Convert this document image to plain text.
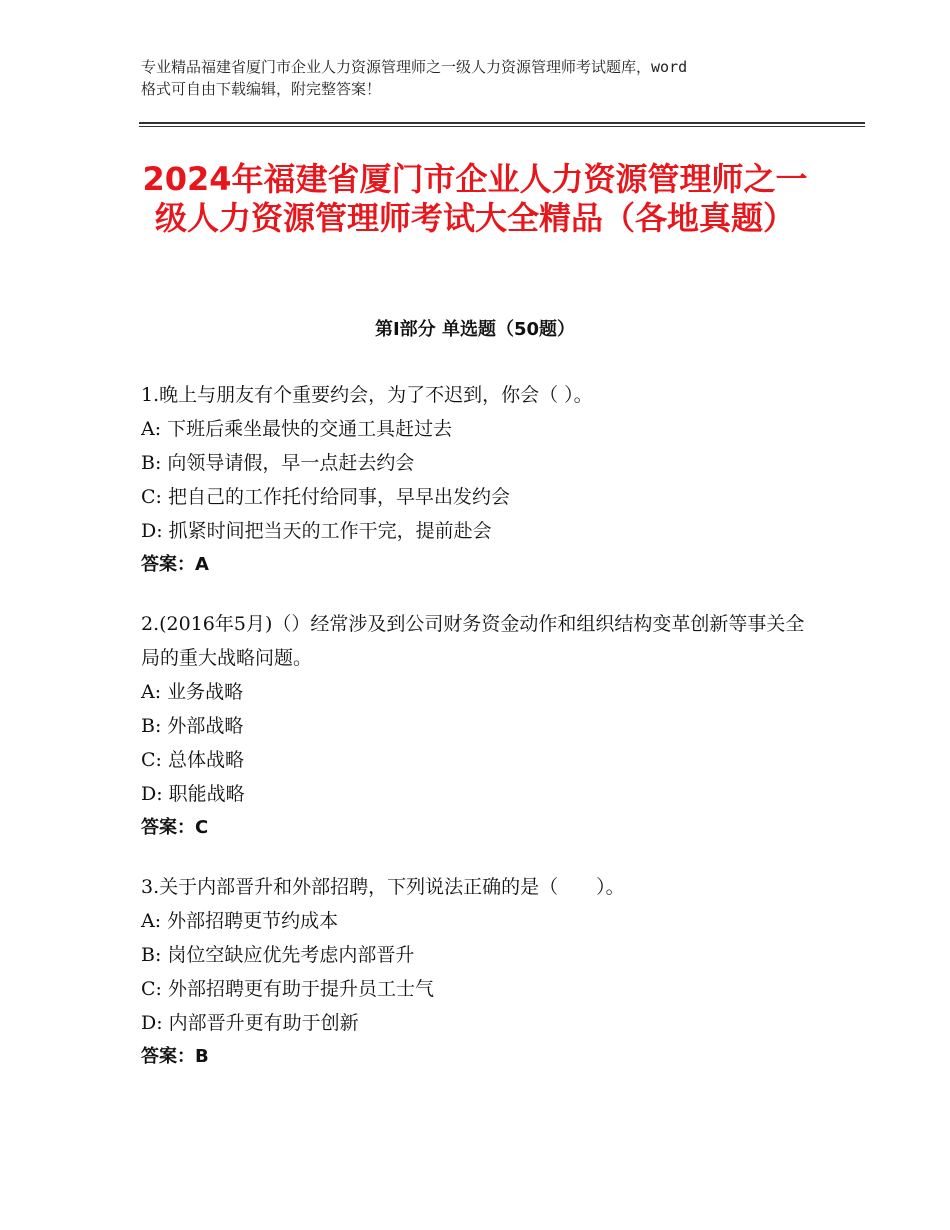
专业精品福建省厦门市企业人力资源管理师之一级人力资源管理师考试题库，word
格式可自由下载编辑，附完整答案！
2024年福建省厦门市企业人力资源管理师之一级人力资源管理师考试大全精品（各地真题）
第Ⅰ部分 单选题（50题）
1.晚上与朋友有个重要约会，为了不迟到，你会（ ）。
A: 下班后乘坐最快的交通工具赶过去
B: 向领导请假，早一点赶去约会
C: 把自己的工作托付给同事，早早出发约会
D: 抓紧时间把当天的工作干完，提前赴会
答案：A
2.(2016年5月)（）经常涉及到公司财务资金动作和组织结构变革创新等事关全局的重大战略问题。
A: 业务战略
B: 外部战略
C: 总体战略
D: 职能战略
答案：C
3.关于内部晋升和外部招聘，下列说法正确的是（　　）。
A: 外部招聘更节约成本
B: 岗位空缺应优先考虑内部晋升
C: 外部招聘更有助于提升员工士气
D: 内部晋升更有助于创新
答案：B
